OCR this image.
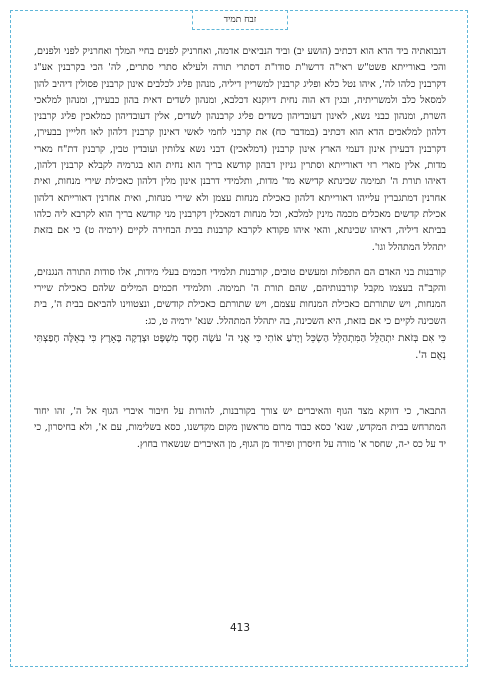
זבח תמיד

דנבואתיה ביד הדא הוא דכתיב (הושע יב) וביד הנביאים אדמה, ואחרניק לפנים בחיי המלך ואחרניק לפני ולפנים, והכי באורייתא פשט"ש ראי"ה דרשו"ת סודו"ת דסתרי תורה ולעילא סתרי סתרים, לה' הכי בקרבנין אע"ג דקרבנין כלהו לה', איהו נטל כלא ופליג קרבנין למשריין דיליה, מנהון פליג לכלבים אינון קרבנין פסולין דיהיב להון למסאל כלב ולמשריתיה, ובגין דא הוה נחית דיוקנא דכלבא, ומנהון לשדים דאית בהון כבעירן, ומנהון למלאכי השרת, ומנהון כבני נשא, לאינון דעובדיהון כשדים פליג קרבנהון לשדים, אלין דעובדיהון כמלאכין פליג קרבנין דלהון למלאכים הדא הוא דכתיב (במדבר כח) את קרבני לחמי לאשי דאינון קרבנין דלהון לאו חלייין בבעירן, דקרבנין דבעירן אינון דעמי הארץ אינון קרבנין (דמלאכין) דבני נשא צלותין ועובדין טבין, קרבנין דת"ח מארי מדות, אלין מארי רזי דאורייתא וסתרין גניזין דבהון קודשא בריך הוא נחית הוא בגרמיה לקבלא קרבנין דלהון, דאיהו תורת ה' תמימה שכינתא קדישא מד' מדות, ותלמידי דרבנן אינון מלין דלהון כאכילת שירי מנחות, ואית אחרנין דמתגברין עלייהו דאורייתא דלהון כאכילת מנחות עצמן ולא שירי מנחות, ואית אחרנין דאורייתא דלהון אכילת קדשים מאכלים מכמה מינין למלכא, וכל מנחות דמאכלין דקרבנין מני קודשא בריך הוא לקרבא ליה כלהו בביתא דיליה, דאיהו שכינתא, והאי איהו פקודא לקרבא קרבנות בבית הבחירה לקיים (ירמיה ט) כי אם בזאת יתהלל המתהלל וגו'.

קורבנות בני האדם הם התפלות ומעשים טובים, קורבנות תלמידי חכמים בעלי מידות, אלו סודות התורה הנגנזים, והקב"ה בעצמו מקבל קורבנותיהם, שהם תורת ה' תמימה. ותלמידי חכמים המילים שלהם כאכילת שיירי המנחות, ויש שתורתם כאכילת המנחות עצמם, ויש שתורתם כאכילת קודשים, ונצטווינו להביאם בבית ה', בית השכינה לקיים כי אם בזאת, היא השכינה, בה יתהלל המתהלל. שנא' ירמיה ט, כג:

כִּי אִם בְּזֹאת יִתְהַלֵּל הַמִּתְהַלֵּל הַשְׂכֵּל וְיָדֹעַ אוֹתִי כִּי אֲנִי ה' עֹשֶׂה חֶסֶד מִשְׁפָּט וּצְדָקָה בָּאָרֶץ כִּי בְאֵלֶּה חָפַצְתִּי נְאֻם ה'.

התבאר, כי דווקא מצד הגוף והאיברים יש צורך בקורבנות, להורות על חיבור איברי הגוף אל ה', זהו יחוד המתרחש בבית המקדש, שנא' כסא כבוד מרום מראשון מקום מקדשנו, כסא בשלימות, עם א', ולא בחיסרון, כי יד על כס י-ה, שחסר א' מורה על חיסרון ופירוד מן הגוף, מן האיברים שנשארו בחוץ.

413
